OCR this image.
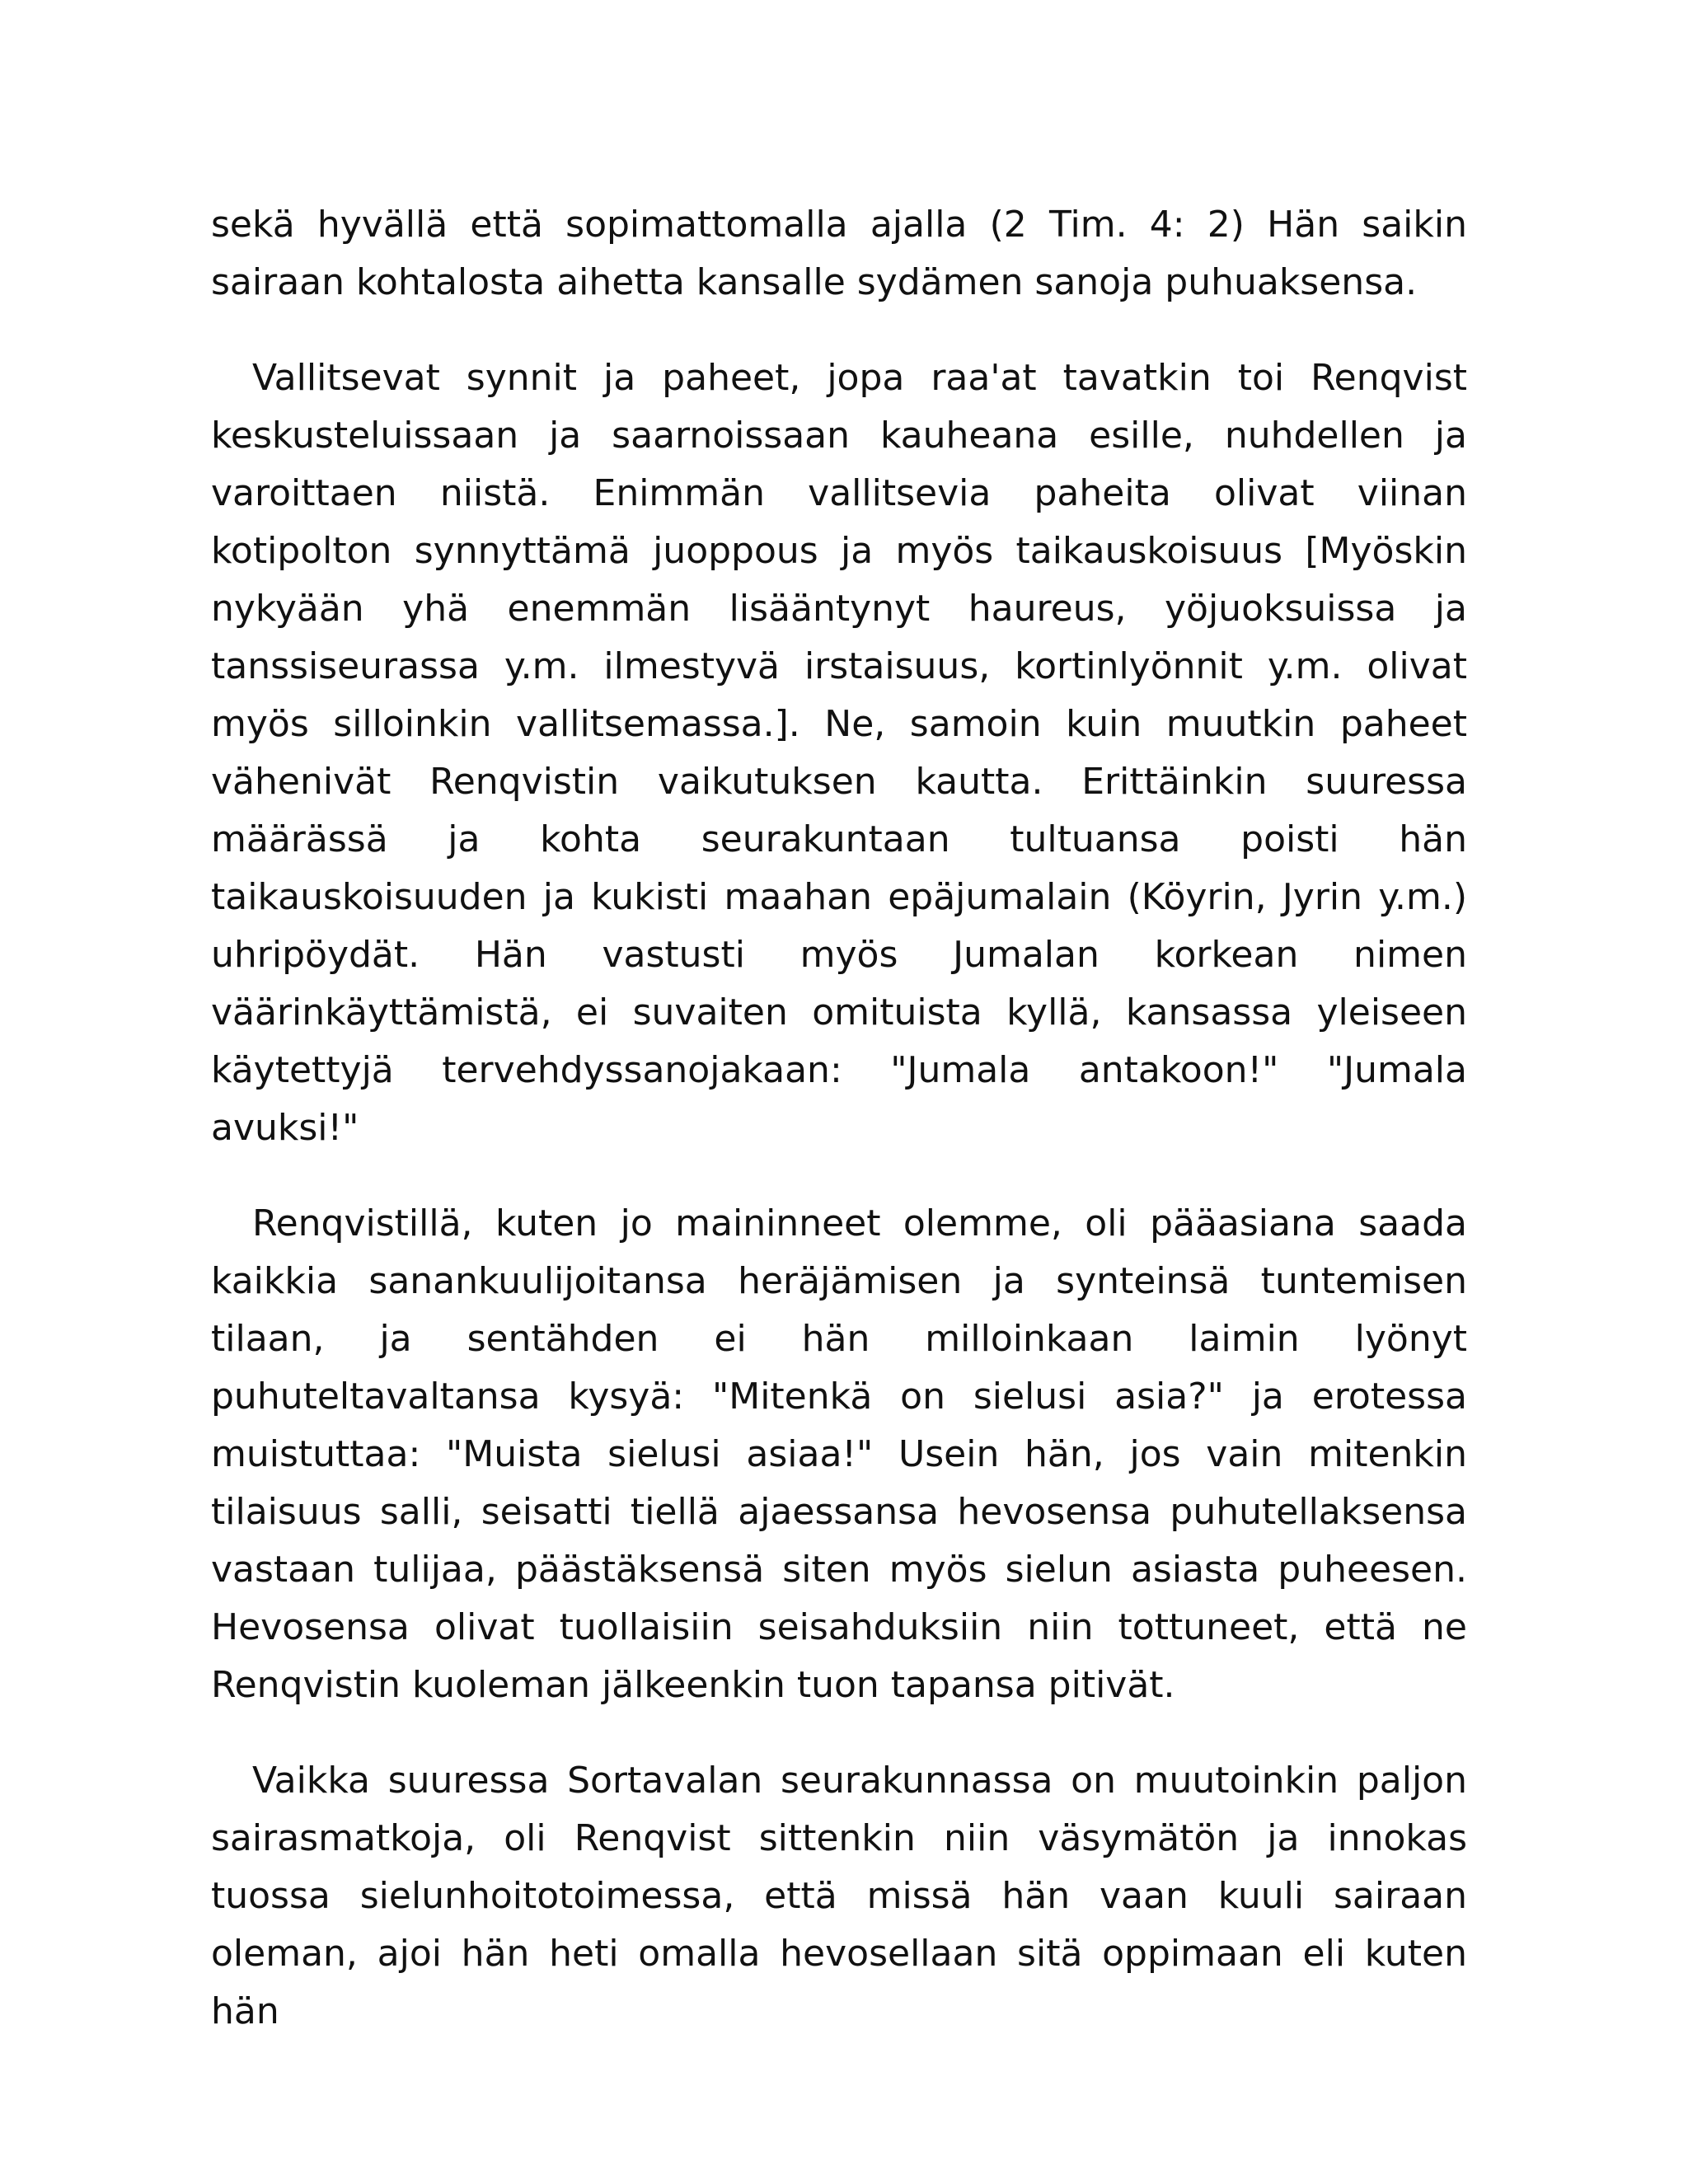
sekä hyvällä että sopimattomalla ajalla (2 Tim. 4: 2) Hän saikin sairaan kohtalosta aihetta kansalle sydämen sanoja puhuaksensa.

Vallitsevat synnit ja paheet, jopa raa'at tavatkin toi Renqvist keskusteluissaan ja saarnoissaan kauheana esille, nuhdellen ja varoittaen niistä. Enimmän vallitsevia paheita olivat viinan kotipolton synnyttämä juoppous ja myös taikauskoisuus [Myöskin nykyään yhä enemmän lisääntynyt haureus, yöjuoksuissa ja tanssiseurassa y.m. ilmestyvä irstaisuus, kortinlyönnit y.m. olivat myös silloinkin vallitsemassa.]. Ne, samoin kuin muutkin paheet vähenivät Renqvistin vaikutuksen kautta. Erittäinkin suuressa määrässä ja kohta seurakuntaan tultuansa poisti hän taikauskoisuuden ja kukisti maahan epäjumalain (Köyrin, Jyrin y.m.) uhripöydät. Hän vastusti myös Jumalan korkean nimen väärinkäyttämistä, ei suvaiten omituista kyllä, kansassa yleiseen käytettyjä tervehdyssanojakaan: "Jumala antakoon!" "Jumala avuksi!"

Renqvistillä, kuten jo maininneet olemme, oli pääasiana saada kaikkia sanankuulijoitansa heräjämisen ja synteinsä tuntemisen tilaan, ja sentähden ei hän milloinkaan laimin lyönyt puhuteltavaltansa kysyä: "Mitenkä on sielusi asia?" ja erotessa muistuttaa: "Muista sielusi asiaa!" Usein hän, jos vain mitenkin tilaisuus salli, seisatti tiellä ajaessansa hevosensa puhutellaksensa vastaan tulijaa, päästäksensä siten myös sielun asiasta puheesen. Hevosensa olivat tuollaisiin seisahduksiin niin tottuneet, että ne Renqvistin kuoleman jälkeenkin tuon tapansa pitivät.

Vaikka suuressa Sortavalan seurakunnassa on muutoinkin paljon sairasmatkoja, oli Renqvist sittenkin niin väsymätön ja innokas tuossa sielunhoitotoimessa, että missä hän vaan kuuli sairaan oleman, ajoi hän heti omalla hevosellaan sitä oppimaan eli kuten hän
